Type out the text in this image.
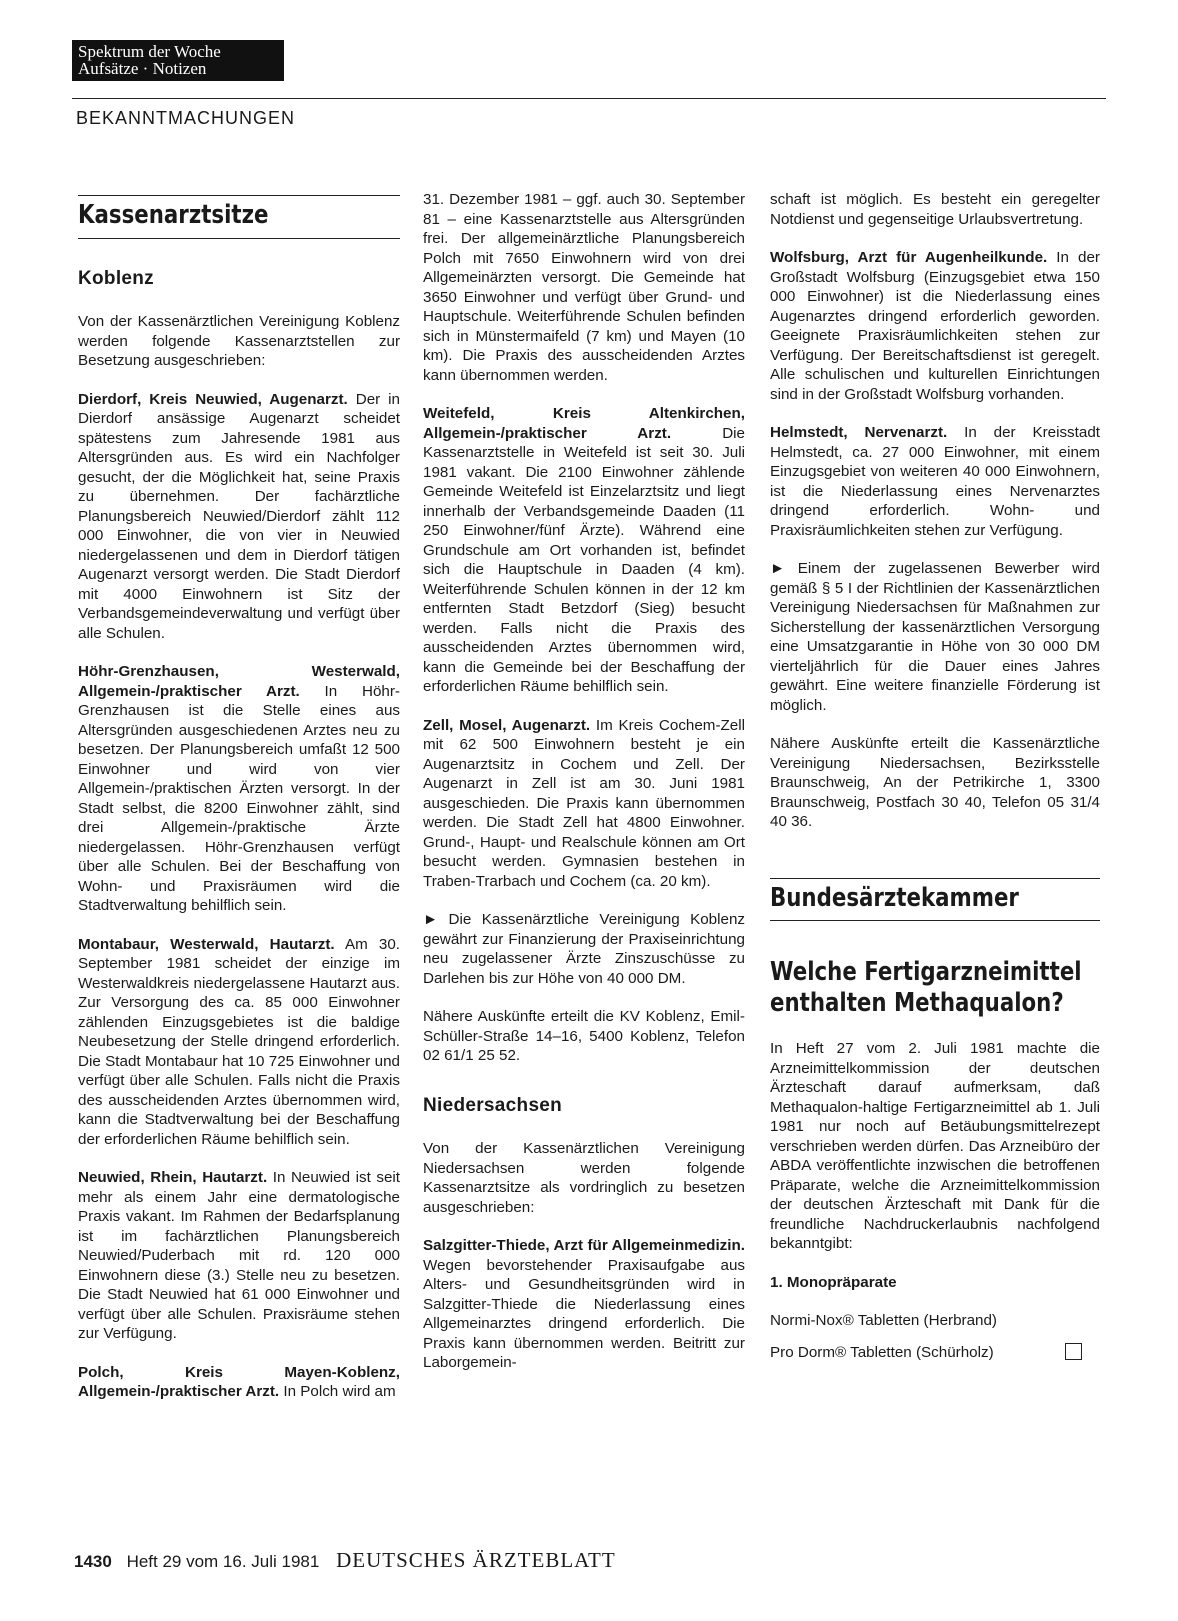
Spektrum der Woche
Aufsätze · Notizen
BEKANNTMACHUNGEN
Kassenarztsitze
Koblenz

Von der Kassenärztlichen Vereinigung Koblenz werden folgende Kassenarztstellen zur Besetzung ausgeschrieben:

Dierdorf, Kreis Neuwied, Augenarzt. Der in Dierdorf ansässige Augenarzt scheidet spätestens zum Jahresende 1981 aus Altersgründen aus. Es wird ein Nachfolger gesucht, der die Möglichkeit hat, seine Praxis zu übernehmen. Der fachärztliche Planungsbereich Neuwied/Dierdorf zählt 112 000 Einwohner, die von vier in Neuwied niedergelassenen und dem in Dierdorf tätigen Augenarzt versorgt werden. Die Stadt Dierdorf mit 4000 Einwohnern ist Sitz der Verbandsgemeindeverwaltung und verfügt über alle Schulen.

Höhr-Grenzhausen, Westerwald, Allgemein-/praktischer Arzt. In Höhr-Grenzhausen ist die Stelle eines aus Altersgründen ausgeschiedenen Arztes neu zu besetzen. Der Planungsbereich umfaßt 12 500 Einwohner und wird von vier Allgemein-/praktischen Ärzten versorgt. In der Stadt selbst, die 8200 Einwohner zählt, sind drei Allgemein-/praktische Ärzte niedergelassen. Höhr-Grenzhausen verfügt über alle Schulen. Bei der Beschaffung von Wohn- und Praxisräumen wird die Stadtverwaltung behilflich sein.

Montabaur, Westerwald, Hautarzt. Am 30. September 1981 scheidet der einzige im Westerwaldkreis niedergelassene Hautarzt aus. Zur Versorgung des ca. 85 000 Einwohner zählenden Einzugsgebietes ist die baldige Neubesetzung der Stelle dringend erforderlich. Die Stadt Montabaur hat 10 725 Einwohner und verfügt über alle Schulen. Falls nicht die Praxis des ausscheidenden Arztes übernommen wird, kann die Stadtverwaltung bei der Beschaffung der erforderlichen Räume behilflich sein.

Neuwied, Rhein, Hautarzt. In Neuwied ist seit mehr als einem Jahr eine dermatologische Praxis vakant. Im Rahmen der Bedarfsplanung ist im fachärztlichen Planungsbereich Neuwied/Puderbach mit rd. 120 000 Einwohnern diese (3.) Stelle neu zu besetzen. Die Stadt Neuwied hat 61 000 Einwohner und verfügt über alle Schulen. Praxisräume stehen zur Verfügung.

Polch, Kreis Mayen-Koblenz, Allgemein-/praktischer Arzt. In Polch wird am

31. Dezember 1981 – ggf. auch 30. September 81 – eine Kassenarztstelle aus Altersgründen frei. Der allgemeinärztliche Planungsbereich Polch mit 7650 Einwohnern wird von drei Allgemeinärzten versorgt. Die Gemeinde hat 3650 Einwohner und verfügt über Grund- und Hauptschule. Weiterführende Schulen befinden sich in Münstermaifeld (7 km) und Mayen (10 km). Die Praxis des ausscheidenden Arztes kann übernommen werden.

Weitefeld, Kreis Altenkirchen, Allgemein-/praktischer Arzt. Die Kassenarztstelle in Weitefeld ist seit 30. Juli 1981 vakant. Die 2100 Einwohner zählende Gemeinde Weitefeld ist Einzelarztsitz und liegt innerhalb der Verbandsgemeinde Daaden (11 250 Einwohner/fünf Ärzte). Während eine Grundschule am Ort vorhanden ist, befindet sich die Hauptschule in Daaden (4 km). Weiterführende Schulen können in der 12 km entfernten Stadt Betzdorf (Sieg) besucht werden. Falls nicht die Praxis des ausscheidenden Arztes übernommen wird, kann die Gemeinde bei der Beschaffung der erforderlichen Räume behilflich sein.

Zell, Mosel, Augenarzt. Im Kreis Cochem-Zell mit 62 500 Einwohnern besteht je ein Augenarztsitz in Cochem und Zell. Der Augenarzt in Zell ist am 30. Juni 1981 ausgeschieden. Die Praxis kann übernommen werden. Die Stadt Zell hat 4800 Einwohner. Grund-, Haupt- und Realschule können am Ort besucht werden. Gymnasien bestehen in Traben-Trarbach und Cochem (ca. 20 km).

► Die Kassenärztliche Vereinigung Koblenz gewährt zur Finanzierung der Praxiseinrichtung neu zugelassener Ärzte Zinszuschüsse zu Darlehen bis zur Höhe von 40 000 DM.

Nähere Auskünfte erteilt die KV Koblenz, Emil-Schüller-Straße 14–16, 5400 Koblenz, Telefon 02 61/1 25 52.

Niedersachsen

Von der Kassenärztlichen Vereinigung Niedersachsen werden folgende Kassenarztsitze als vordringlich zu besetzen ausgeschrieben:

Salzgitter-Thiede, Arzt für Allgemeinmedizin. Wegen bevorstehender Praxisaufgabe aus Alters- und Gesundheitsgründen wird in Salzgitter-Thiede die Niederlassung eines Allgemeinarztes dringend erforderlich. Die Praxis kann übernommen werden. Beitritt zur Laborgemein-

schaft ist möglich. Es besteht ein geregelter Notdienst und gegenseitige Urlaubsvertretung.

Wolfsburg, Arzt für Augenheilkunde. In der Großstadt Wolfsburg (Einzugsgebiet etwa 150 000 Einwohner) ist die Niederlassung eines Augenarztes dringend erforderlich geworden. Geeignete Praxisräumlichkeiten stehen zur Verfügung. Der Bereitschaftsdienst ist geregelt. Alle schulischen und kulturellen Einrichtungen sind in der Großstadt Wolfsburg vorhanden.

Helmstedt, Nervenarzt. In der Kreisstadt Helmstedt, ca. 27 000 Einwohner, mit einem Einzugsgebiet von weiteren 40 000 Einwohnern, ist die Niederlassung eines Nervenarztes dringend erforderlich. Wohn- und Praxisräumlichkeiten stehen zur Verfügung.

► Einem der zugelassenen Bewerber wird gemäß § 5 I der Richtlinien der Kassenärztlichen Vereinigung Niedersachsen für Maßnahmen zur Sicherstellung der kassenärztlichen Versorgung eine Umsatzgarantie in Höhe von 30 000 DM vierteljährlich für die Dauer eines Jahres gewährt. Eine weitere finanzielle Förderung ist möglich.

Nähere Auskünfte erteilt die Kassenärztliche Vereinigung Niedersachsen, Bezirksstelle Braunschweig, An der Petrikirche 1, 3300 Braunschweig, Postfach 30 40, Telefon 05 31/4 40 36.

Bundesärztekammer
Welche Fertigarzneimittel
enthalten Methaqualon?

In Heft 27 vom 2. Juli 1981 machte die Arzneimittelkommission der deutschen Ärzteschaft darauf aufmerksam, daß Methaqualon-haltige Fertigarzneimittel ab 1. Juli 1981 nur noch auf Betäubungsmittelrezept verschrieben werden dürfen. Das Arzneibüro der ABDA veröffentlichte inzwischen die betroffenen Präparate, welche die Arzneimittelkommission der deutschen Ärzteschaft mit Dank für die freundliche Nachdruckerlaubnis nachfolgend bekanntgibt:

1. Monopräparate

Normi-Nox® Tabletten (Herbrand)

Pro Dorm® Tabletten (Schürholz)

1430 Heft 29 vom 16. Juli 1981 DEUTSCHES ÄRZTEBLATT
